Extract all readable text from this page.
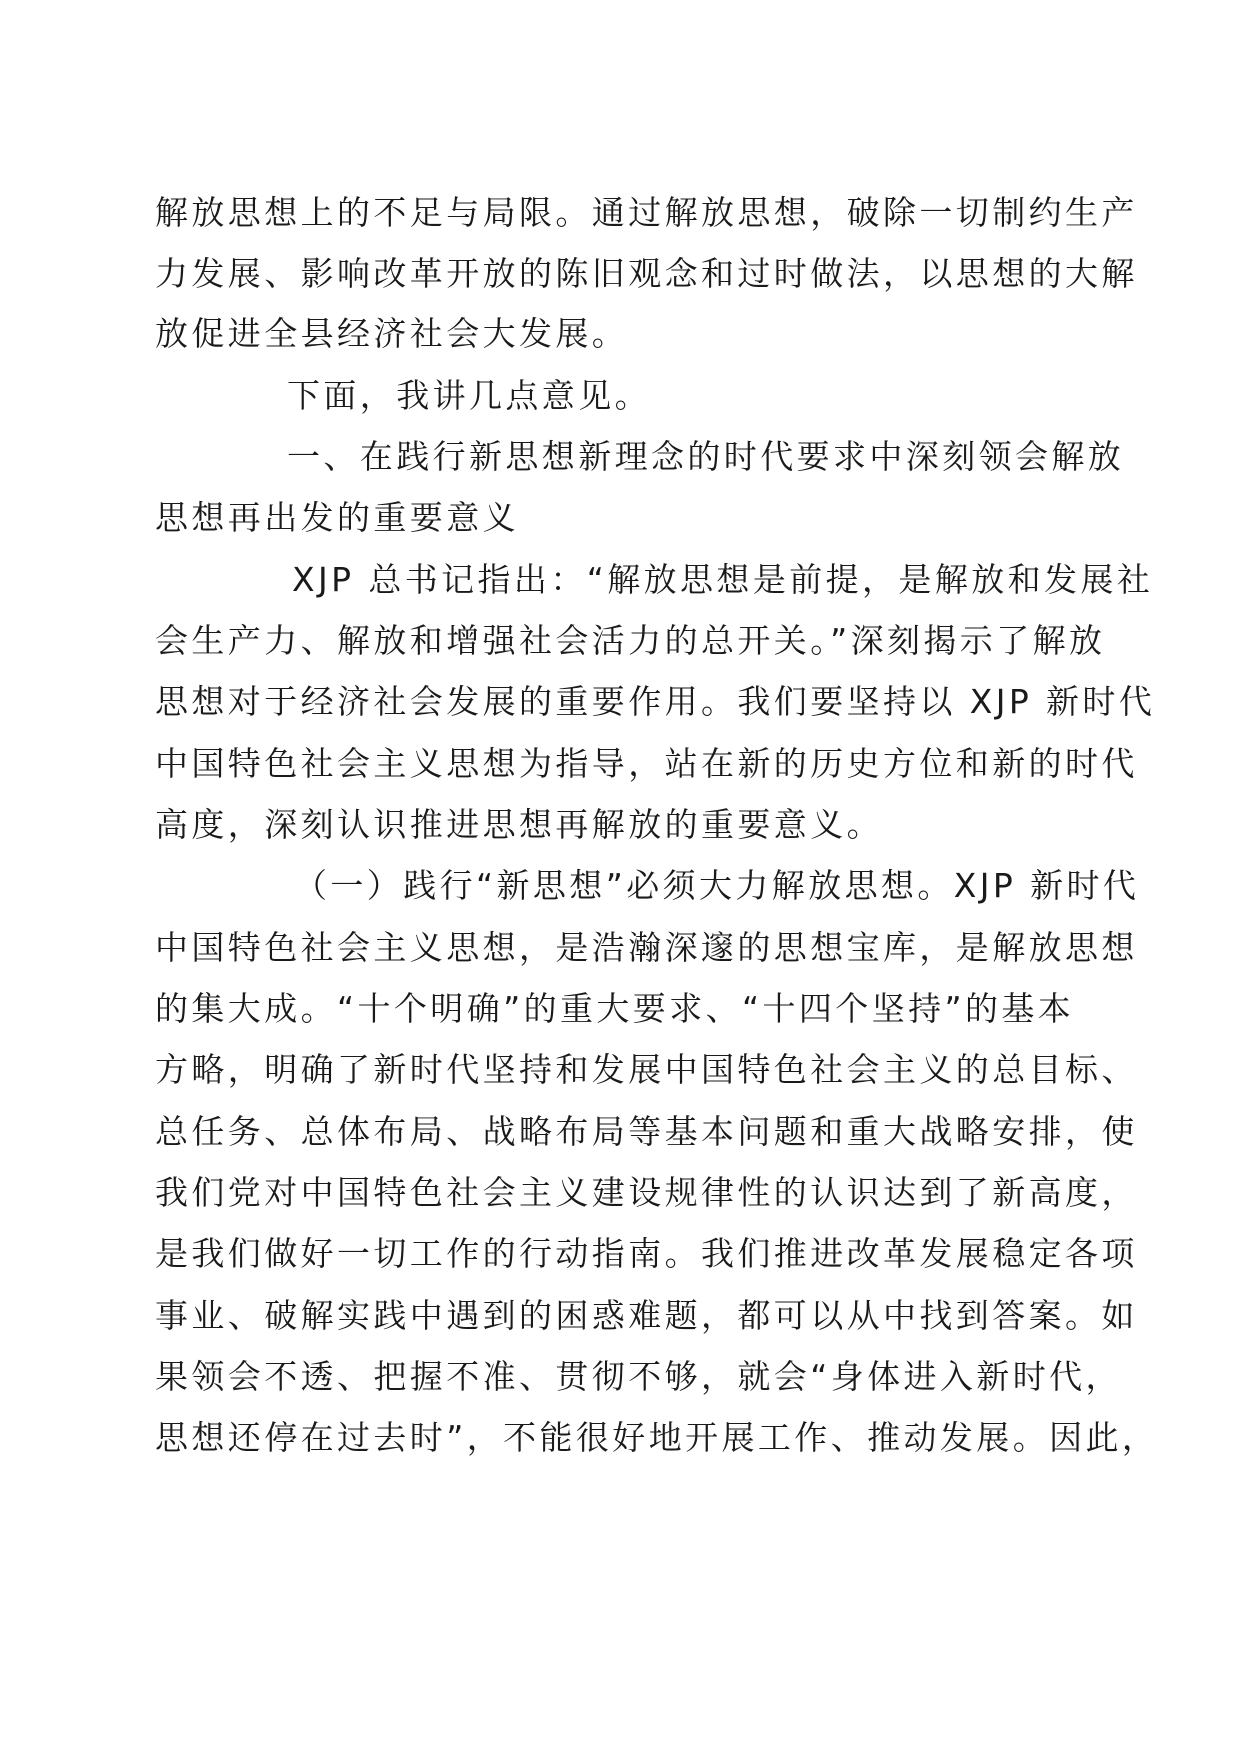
解放思想上的不足与局限。通过解放思想，破除一切制约生产
力发展、影响改革开放的陈旧观念和过时做法，以思想的大解
放促进全县经济社会大发展。
下面，我讲几点意见。
一、在践行新思想新理念的时代要求中深刻领会解放
思想再出发的重要意义
XJP 总书记指出：“解放思想是前提，是解放和发展社
会生产力、解放和增强社会活力的总开关。”深刻揭示了解放
思想对于经济社会发展的重要作用。我们要坚持以 XJP 新时代
中国特色社会主义思想为指导，站在新的历史方位和新的时代
高度，深刻认识推进思想再解放的重要意义。
（一）践行“新思想”必须大力解放思想。XJP 新时代
中国特色社会主义思想，是浩瀚深邃的思想宝库，是解放思想
的集大成。“十个明确”的重大要求、“十四个坚持”的基本
方略，明确了新时代坚持和发展中国特色社会主义的总目标、
总任务、总体布局、战略布局等基本问题和重大战略安排，使
我们党对中国特色社会主义建设规律性的认识达到了新高度，
是我们做好一切工作的行动指南。我们推进改革发展稳定各项
事业、破解实践中遇到的困惑难题，都可以从中找到答案。如
果领会不透、把握不准、贯彻不够，就会“身体进入新时代，
思想还停在过去时”，不能很好地开展工作、推动发展。因此，
